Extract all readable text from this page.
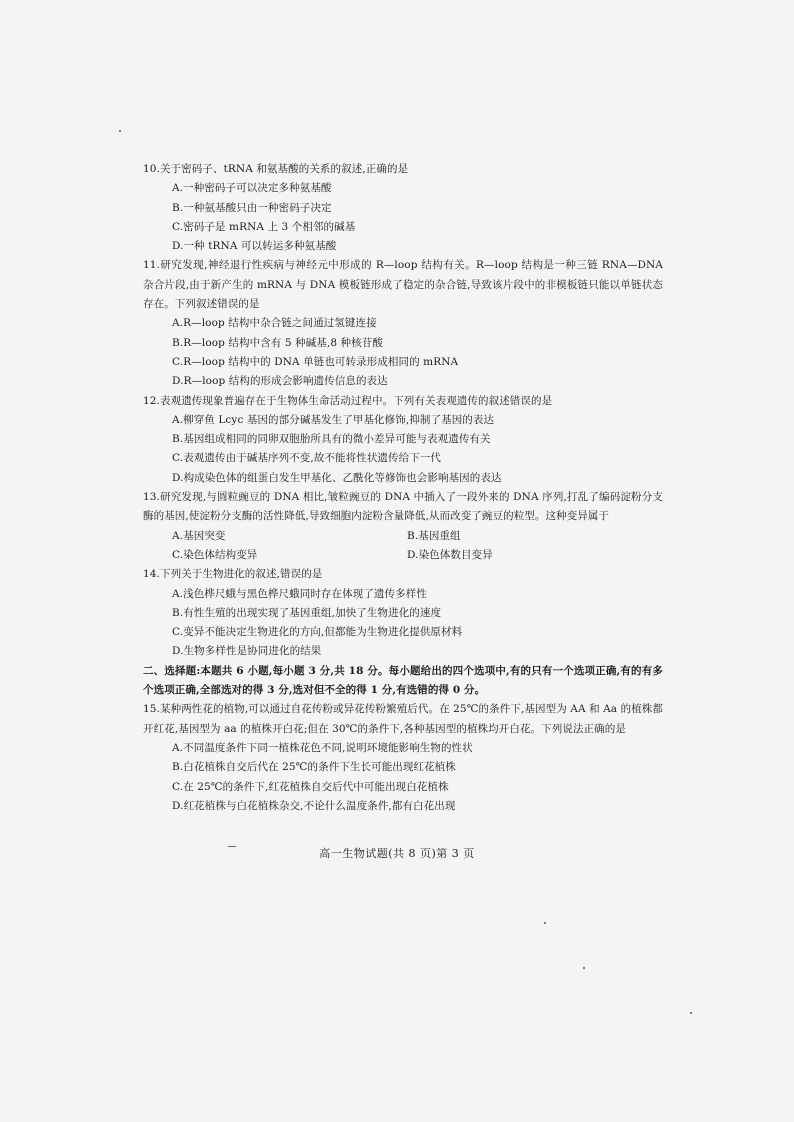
10.关于密码子、tRNA 和氨基酸的关系的叙述,正确的是

A.一种密码子可以决定多种氨基酸

B.一种氨基酸只由一种密码子决定

C.密码子是 mRNA 上 3 个相邻的碱基

D.一种 tRNA 可以转运多种氨基酸

11.研究发现,神经退行性疾病与神经元中形成的 R—loop 结构有关。R—loop 结构是一种三链 RNA—DNA 杂合片段,由于新产生的 mRNA 与 DNA 模板链形成了稳定的杂合链,导致该片段中的非模板链只能以单链状态存在。下列叙述错误的是

A.R—loop 结构中杂合链之间通过氢键连接

B.R—loop 结构中含有 5 种碱基,8 种核苷酸

C.R—loop 结构中的 DNA 单链也可转录形成相同的 mRNA

D.R—loop 结构的形成会影响遗传信息的表达

12.表观遗传现象普遍存在于生物体生命活动过程中。下列有关表观遗传的叙述错误的是

A.柳穿鱼 Lcyc 基因的部分碱基发生了甲基化修饰,抑制了基因的表达

B.基因组成相同的同卵双胞胎所具有的微小差异可能与表观遗传有关

C.表观遗传由于碱基序列不变,故不能将性状遗传给下一代

D.构成染色体的组蛋白发生甲基化、乙酰化等修饰也会影响基因的表达

13.研究发现,与圆粒豌豆的 DNA 相比,皱粒豌豆的 DNA 中插入了一段外来的 DNA 序列,打乱了编码淀粉分支酶的基因,使淀粉分支酶的活性降低,导致细胞内淀粉含量降低,从而改变了豌豆的粒型。这种变异属于

A.基因突变	B.基因重组
C.染色体结构变异	D.染色体数目变异

14.下列关于生物进化的叙述,错误的是

A.浅色桦尺蛾与黑色桦尺蛾同时存在体现了遗传多样性

B.有性生殖的出现实现了基因重组,加快了生物进化的速度

C.变异不能决定生物进化的方向,但都能为生物进化提供原材料

D.生物多样性是协同进化的结果

二、选择题:本题共 6 小题,每小题 3 分,共 18 分。每小题给出的四个选项中,有的只有一个选项正确,有的有多个选项正确,全部选对的得 3 分,选对但不全的得 1 分,有选错的得 0 分。

15.某种两性花的植物,可以通过自花传粉或异花传粉繁殖后代。在 25℃的条件下,基因型为 AA 和 Aa 的植株都开红花,基因型为 aa 的植株开白花;但在 30℃的条件下,各种基因型的植株均开白花。下列说法正确的是

A.不同温度条件下同一植株花色不同,说明环境能影响生物的性状

B.白花植株自交后代在 25℃的条件下生长可能出现红花植株

C.在 25℃的条件下,红花植株自交后代中可能出现白花植株

D.红花植株与白花植株杂交,不论什么温度条件,都有白花出现

高一生物试题(共 8 页)第 3 页
